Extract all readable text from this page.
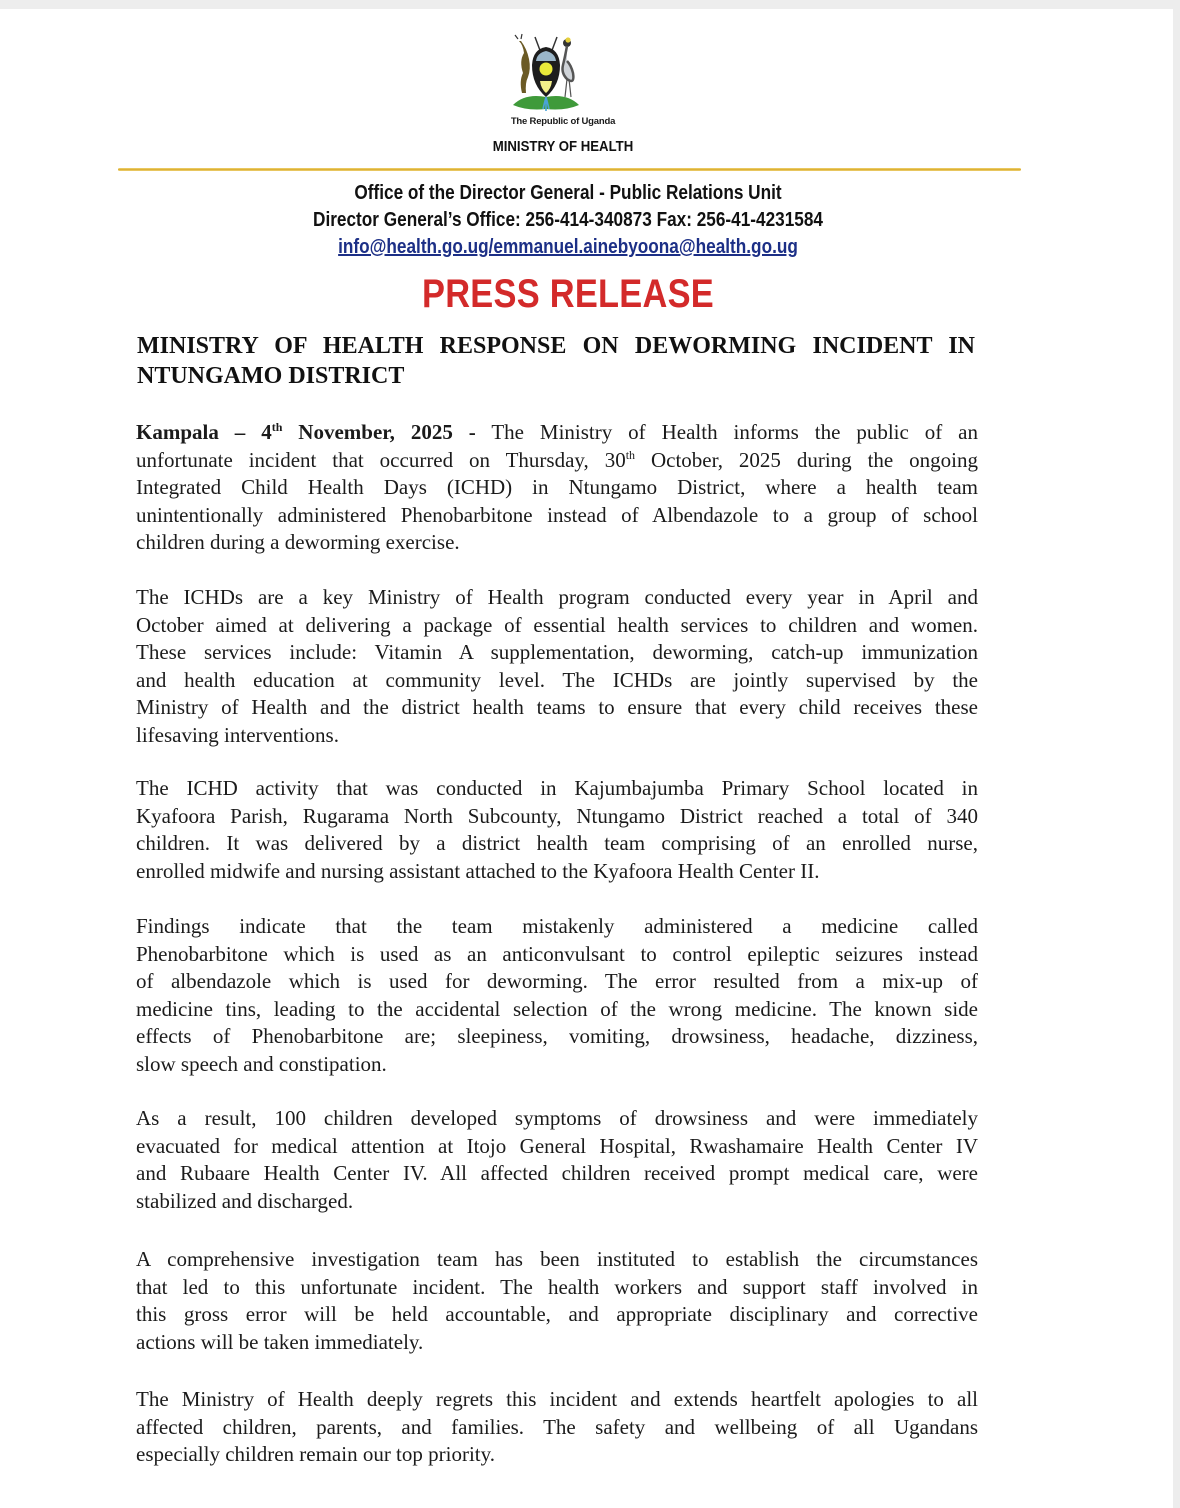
The Republic of Uganda
MINISTRY OF HEALTH
Office of the Director General - Public Relations Unit
Director General’s Office: 256-414-340873 Fax: 256-41-4231584
info@health.go.ug/emmanuel.ainebyoona@health.go.ug
PRESS RELEASE
MINISTRY OF HEALTH RESPONSE ON DEWORMING INCIDENT IN
NTUNGAMO DISTRICT
Kampala – 4th November, 2025 - The Ministry of Health informs the public of an
unfortunate incident that occurred on Thursday, 30th October, 2025 during the ongoing
Integrated Child Health Days (ICHD) in Ntungamo District, where a health team
unintentionally administered Phenobarbitone instead of Albendazole to a group of school
children during a deworming exercise.
The ICHDs are a key Ministry of Health program conducted every year in April and
October aimed at delivering a package of essential health services to children and women.
These services include: Vitamin A supplementation, deworming, catch-up immunization
and health education at community level. The ICHDs are jointly supervised by the
Ministry of Health and the district health teams to ensure that every child receives these
lifesaving interventions.
The ICHD activity that was conducted in Kajumbajumba Primary School located in
Kyafoora Parish, Rugarama North Subcounty, Ntungamo District reached a total of 340
children. It was delivered by a district health team comprising of an enrolled nurse,
enrolled midwife and nursing assistant attached to the Kyafoora Health Center II.
Findings indicate that the team mistakenly administered a medicine called
Phenobarbitone which is used as an anticonvulsant to control epileptic seizures instead
of albendazole which is used for deworming. The error resulted from a mix-up of
medicine tins, leading to the accidental selection of the wrong medicine. The known side
effects of Phenobarbitone are; sleepiness, vomiting, drowsiness, headache, dizziness,
slow speech and constipation.
As a result, 100 children developed symptoms of drowsiness and were immediately
evacuated for medical attention at Itojo General Hospital, Rwashamaire Health Center IV
and Rubaare Health Center IV. All affected children received prompt medical care, were
stabilized and discharged.
A comprehensive investigation team has been instituted to establish the circumstances
that led to this unfortunate incident. The health workers and support staff involved in
this gross error will be held accountable, and appropriate disciplinary and corrective
actions will be taken immediately.
The Ministry of Health deeply regrets this incident and extends heartfelt apologies to all
affected children, parents, and families. The safety and wellbeing of all Ugandans
especially children remain our top priority.
